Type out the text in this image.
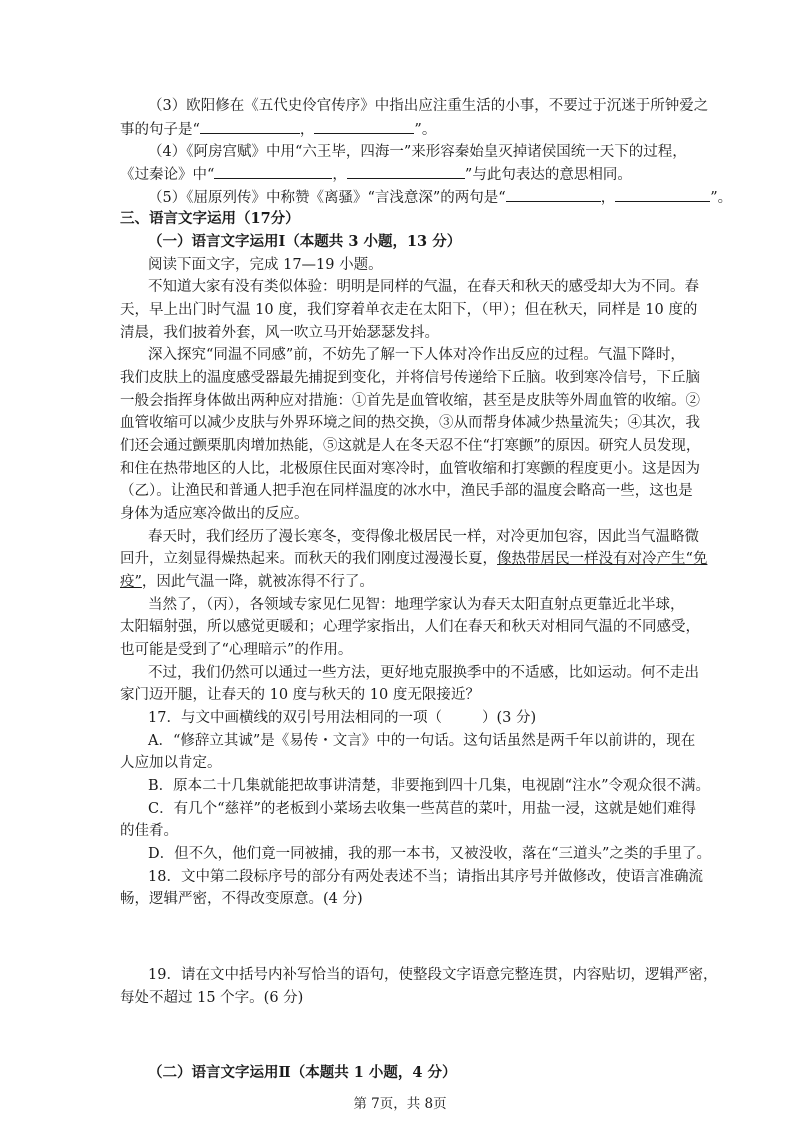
（3）欧阳修在《五代史伶官传序》中指出应注重生活的小事，不要过于沉迷于所钟爱之
事的句子是“	，	”。
（4）《阿房宫赋》中用“六王毕，四海一”来形容秦始皇灭掉诸侯国统一天下的过程，
《过秦论》中“	，	”与此句表达的意思相同。
（5）《屈原列传》中称赞《离骚》“言浅意深”的两句是“	，	”。
三、语言文字运用（17分）
（一）语言文字运用Ⅰ（本题共 3 小题，13 分）
阅读下面文字，完成 17—19 小题。
不知道大家有没有类似体验：明明是同样的气温，在春天和秋天的感受却大为不同。春
天，早上出门时气温 10 度，我们穿着单衣走在太阳下，（甲）；但在秋天，同样是 10 度的
清晨，我们披着外套，风一吹立马开始瑟瑟发抖。
深入探究“同温不同感”前，不妨先了解一下人体对冷作出反应的过程。气温下降时，
我们皮肤上的温度感受器最先捕捉到变化，并将信号传递给下丘脑。收到寒冷信号，下丘脑
一般会指挥身体做出两种应对措施：①首先是血管收缩，甚至是皮肤等外周血管的收缩。②
血管收缩可以减少皮肤与外界环境之间的热交换，③从而帮身体减少热量流失；④其次，我
们还会通过颤栗肌肉增加热能，⑤这就是人在冬天忍不住“打寒颤”的原因。研究人员发现，
和住在热带地区的人比，北极原住民面对寒冷时，血管收缩和打寒颤的程度更小。这是因为
（乙）。让渔民和普通人把手泡在同样温度的冰水中，渔民手部的温度会略高一些，这也是
身体为适应寒冷做出的反应。
春天时，我们经历了漫长寒冬，变得像北极居民一样，对冷更加包容，因此当气温略微
回升，立刻显得燥热起来。而秋天的我们刚度过漫漫长夏，像热带居民一样没有对冷产生“免
疫”，因此气温一降，就被冻得不行了。
当然了，（丙），各领域专家见仁见智：地理学家认为春天太阳直射点更靠近北半球，
太阳辐射强，所以感觉更暖和；心理学家指出，人们在春天和秋天对相同气温的不同感受，
也可能是受到了“心理暗示”的作用。
不过，我们仍然可以通过一些方法，更好地克服换季中的不适感，比如运动。何不走出
家门迈开腿，让春天的 10 度与秋天的 10 度无限接近？
17．与文中画横线的双引号用法相同的一项（	）(3 分)
A．“修辞立其诚”是《易传・文言》中的一句话。这句话虽然是两千年以前讲的，现在
人应加以肯定。
B．原本二十几集就能把故事讲清楚，非要拖到四十几集，电视剧“注水”令观众很不满。
C．有几个“慈祥”的老板到小菜场去收集一些莴苣的菜叶，用盐一浸，这就是她们难得
的佳肴。
D．但不久，他们竟一同被捕，我的那一本书，又被没收，落在“三道头”之类的手里了。
18．文中第二段标序号的部分有两处表述不当；请指出其序号并做修改，使语言准确流
畅，逻辑严密，不得改变原意。(4 分)
19．请在文中括号内补写恰当的语句，使整段文字语意完整连贯，内容贴切，逻辑严密，
每处不超过 15 个字。(6 分)
（二）语言文字运用Ⅱ（本题共 1 小题，4 分）
第 7页，共 8页
